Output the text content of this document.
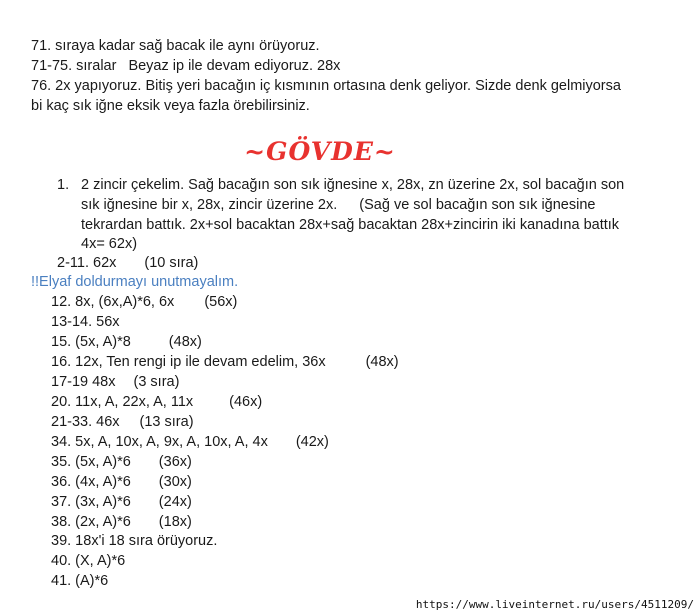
71. sıraya kadar sağ bacak ile aynı örüyoruz.
71-75. sıralar Beyaz ip ile devam ediyoruz. 28x
76. 2x yapıyoruz. Bitiş yeri bacağın iç kısmının ortasına denk geliyor. Sizde denk gelmiyorsa
bi kaç sık iğne eksik veya fazla örebilirsiniz.
~GÖVDE~
1. 2 zincir çekelim. Sağ bacağın son sık iğnesine x, 28x, zn üzerine 2x, sol bacağın son
sık iğnesine bir x, 28x, zincir üzerine 2x. (Sağ ve sol bacağın son sık iğnesine
tekrardan battık. 2x+sol bacaktan 28x+sağ bacaktan 28x+zincirin iki kanadına battık
4x= 62x)
2-11. 62x (10 sıra)
!!Elyaf doldurmayı unutmayalım.
12. 8x, (6x,A)*6, 6x (56x)
13-14. 56x
15. (5x, A)*8	(48x)
16. 12x, Ten rengi ip ile devam edelim, 36x	(48x)
17-19 48x (3 sıra)
20. 11x, A, 22x, A, 11x (46x)
21-33. 46x (13 sıra)
34. 5x, A, 10x, A, 9x, A, 10x, A, 4x (42x)
35. (5x, A)*6 (36x)
36. (4x, A)*6 (30x)
37. (3x, A)*6 (24x)
38. (2x, A)*6 (18x)
39. 18x'i 18 sıra örüyoruz.
40. (X, A)*6
41. (A)*6
https://www.liveinternet.ru/users/4511209/
